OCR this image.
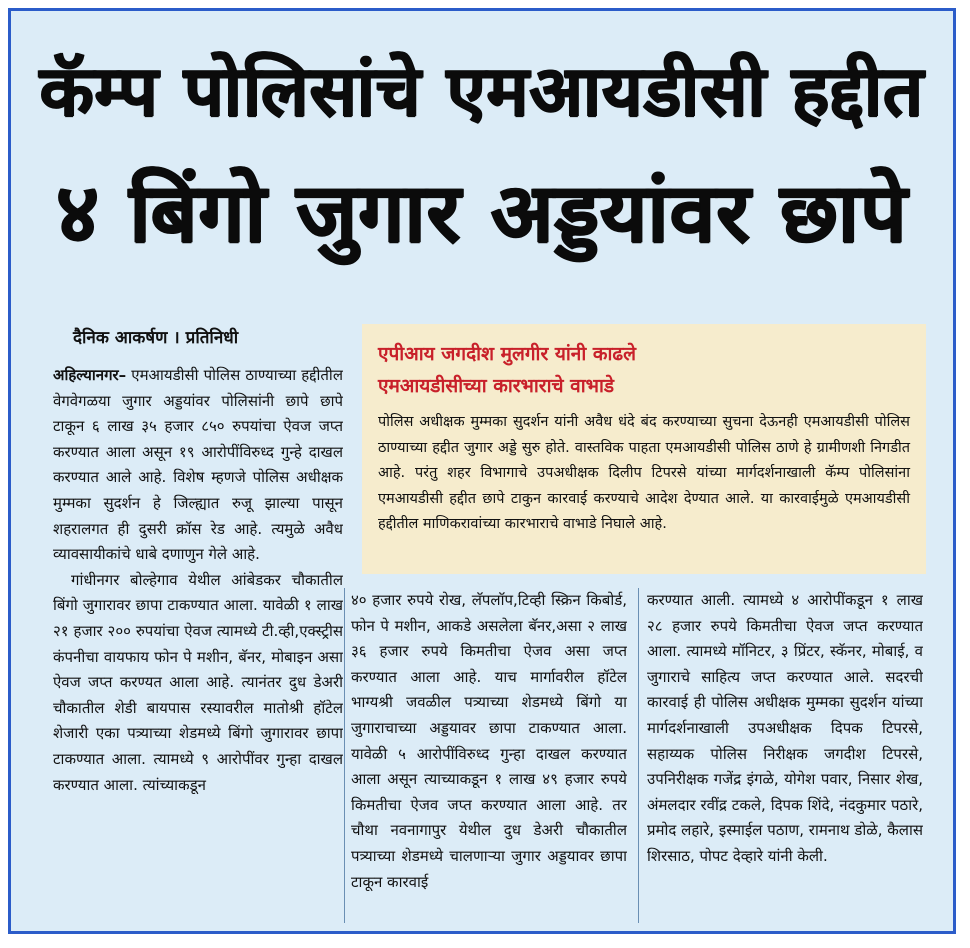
कॅम्प पोलिसांचे एमआयडीसी हद्दीत
४ बिंगो जुगार अड्डयांवर छापे
दैनिक आकर्षण । प्रतिनिधी

अहिल्यानगर– एमआयडीसी पोलिस ठाण्याच्या हद्दीतील वेगवेगळया जुगार अड्डयांवर पोलिसांनी छापे छापे टाकून ६ लाख ३५ हजार ८५० रुपयांचा ऐवज जप्त करण्यात आला असून १९ आरोपींविरुध्द गुन्हे दाखल करण्यात आले आहे. विशेष म्हणजे पोलिस अधीक्षक मुम्मका सुदर्शन हे जिल्ह्यात रुजू झाल्या पासून शहरालगत ही दुसरी क्रॉस रेड आहे. त्यमुळे अवैध व्यावसायीकांचे धाबे दणाणुन गेले आहे.

गांधीनगर बोल्हेगाव येथील आंबेडकर चौकातील बिंगो जुगारावर छापा टाकण्यात आला. यावेळी १ लाख २१ हजार २०० रुपयांचा ऐवज त्यामध्ये टी.व्ही,एक्स्ट्रीस कंपनीचा वायफाय फोन पे मशीन, बॅनर, मोबाइन असा ऐवज जप्त करण्यत आला आहे. त्यानंतर दुध डेअरी चौकातील शेडी बायपास रस्यावरील मातोश्री हॉटेल शेजारी एका पत्र्याच्या शेडमध्ये बिंगो जुगारावर छापा टाकण्यात आला. त्यामध्ये ९ आरोपींवर गुन्हा दाखल करण्यात आला. त्यांच्याकडून

४० हजार रुपये रोख, लॅपलॉप,टिव्ही स्क्रिन किबोर्ड, फोन पे मशीन, आकडे असलेला बॅनर,असा २ लाख ३६ हजार रुपये किमतीचा ऐजव असा जप्त करण्यात आला आहे. याच मार्गावरील हॉटेल भाग्यश्री जवळील पत्र्याच्या शेडमध्ये बिंगो या जुगाराचाच्या अड्डयावर छापा टाकण्यात आला. यावेळी ५ आरोपींविरुध्द गुन्हा दाखल करण्यात आला असून त्याच्याकडून १ लाख ४९ हजार रुपये किमतीचा ऐजव जप्त करण्यात आला आहे. तर चौथा नवनागापुर येथील दुध डेअरी चौकातील पत्र्याच्या शेडमध्ये चालणाऱ्या जुगार अड्डयावर छापा टाकून कारवाई

करण्यात आली. त्यामध्ये ४ आरोपींकडून १ लाख २८ हजार रुपये किमतीचा ऐवज जप्त करण्यात आला. त्यामध्ये मॉनिटर, ३ प्रिंटर, स्कॅनर, मोबाई, व जुगाराचे साहित्य जप्त करण्यात आले. सदरची कारवाई ही पोलिस अधीक्षक मुम्मका सुदर्शन यांच्या मार्गदर्शनाखाली उपअधीक्षक दिपक टिपरसे, सहाय्यक पोलिस निरीक्षक जगदीश टिपरसे, उपनिरीक्षक गजेंद्र इंगळे, योगेश पवार, निसार शेख, अंमलदार रवींद्र टकले, दिपक शिंदे, नंदकुमार पठारे, प्रमोद लहारे, इस्माईल पठाण, रामनाथ डोळे, कैलास शिरसाठ, पोपट देव्हारे यांनी केली.

एपीआय जगदीश मुलगीर यांनी काढले
एमआयडीसीच्या कारभाराचे वाभाडे
पोलिस अधीक्षक मुम्मका सुदर्शन यांनी अवैध धंदे बंद करण्याच्या सुचना देऊनही एमआयडीसी पोलिस ठाण्याच्या हद्दीत जुगार अड्डे सुरु होते. वास्तविक पाहता एमआयडीसी पोलिस ठाणे हे ग्रामीणशी निगडीत आहे. परंतु शहर विभागाचे उपअधीक्षक दिलीप टिपरसे यांच्या मार्गदर्शनाखाली कॅम्प पोलिसांना एमआयडीसी हद्दीत छापे टाकुन कारवाई करण्याचे आदेश देण्यात आले. या कारवाईमुळे एमआयडीसी हद्दीतील माणिकरावांच्या कारभाराचे वाभाडे निघाले आहे.
